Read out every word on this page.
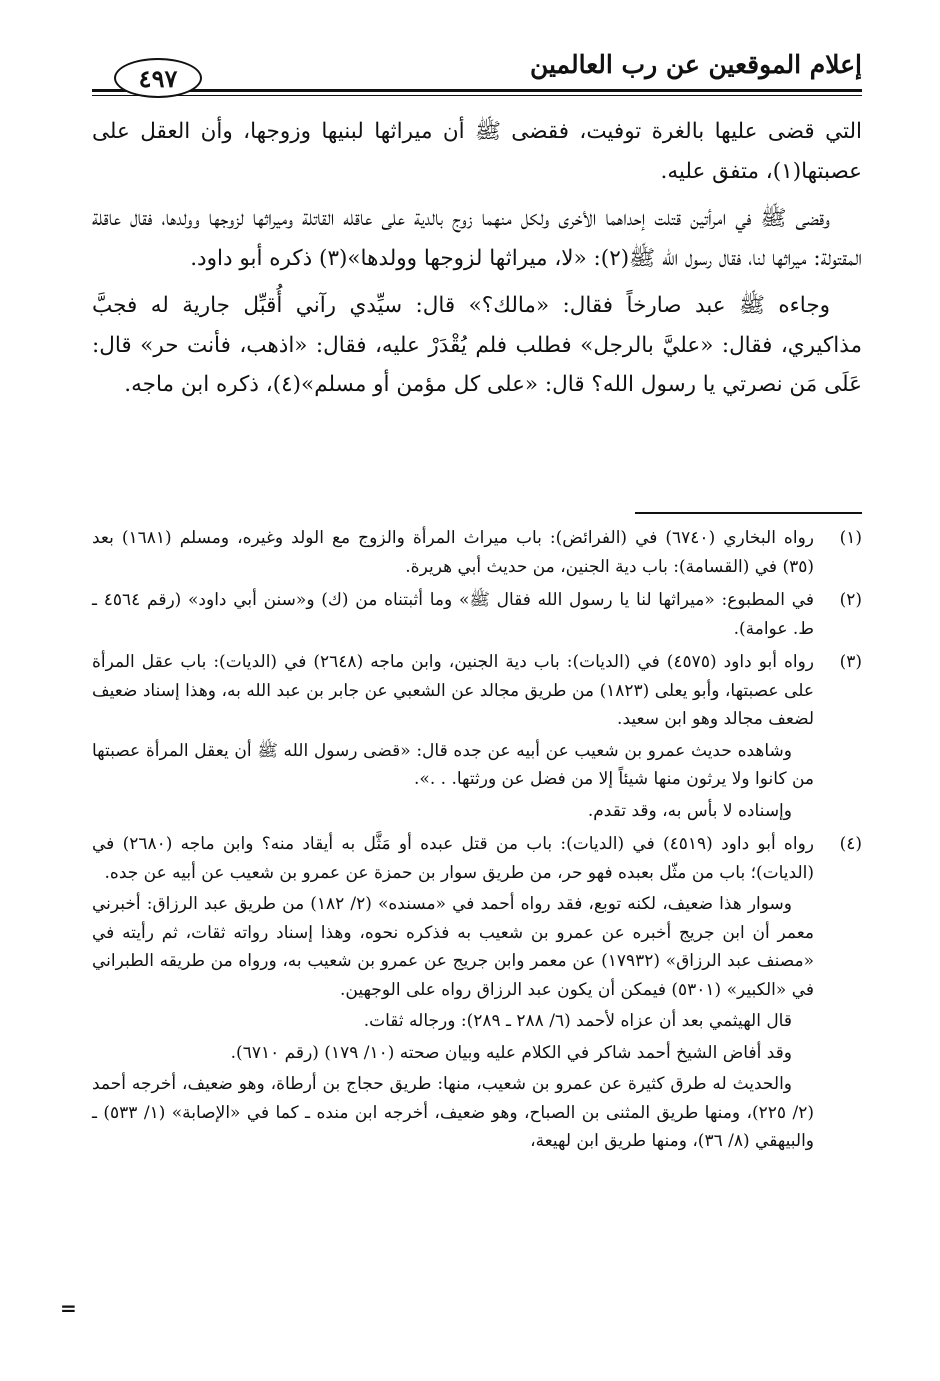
إعلام الموقعين عن رب العالمين
٤٩٧

التي قضى عليها بالغرة توفيت، فقضى ﷺ أن ميراثها لبنيها وزوجها، وأن العقل على عصبتها(١)، متفق عليه.

وقضى ﷺ في امرأتين قتلت إحداهما الأخرى ولكل منهما زوج بالدية على عاقله القاتلة وميراثها لزوجها وولدها، فقال عاقلة المقتولة: ميراثها لنا، فقال رسول الله ﷺ(٢): «لا، ميراثها لزوجها وولدها»(٣) ذكره أبو داود.

وجاءه ﷺ عبد صارخاً فقال: «مالك؟» قال: سيِّدي رآني أُقبِّل جارية له فجبَّ مذاكيري، فقال: «عليَّ بالرجل» فطلب فلم يُقْدَرْ عليه، فقال: «اذهب، فأنت حر» قال: عَلَى مَن نصرتي يا رسول الله؟ قال: «على كل مؤمن أو مسلم»(٤)، ذكره ابن ماجه.

(١)

رواه البخاري (٦٧٤٠) في (الفرائض): باب ميراث المرأة والزوج مع الولد وغيره، ومسلم (١٦٨١) بعد (٣٥) في (القسامة): باب دية الجنين، من حديث أبي هريرة.

(٢)

في المطبوع: «ميراثها لنا يا رسول الله فقال ﷺ» وما أثبتناه من (ك) و«سنن أبي داود» (رقم ٤٥٦٤ ـ ط. عوامة).

(٣)

رواه أبو داود (٤٥٧٥) في (الديات): باب دية الجنين، وابن ماجه (٢٦٤٨) في (الديات): باب عقل المرأة على عصبتها، وأبو يعلى (١٨٢٣) من طريق مجالد عن الشعبي عن جابر بن عبد الله به، وهذا إسناد ضعيف لضعف مجالد وهو ابن سعيد.

وشاهده حديث عمرو بن شعيب عن أبيه عن جده قال: «قضى رسول الله ﷺ أن يعقل المرأة عصبتها من كانوا ولا يرثون منها شيئاً إلا من فضل عن ورثتها. . .».

وإسناده لا بأس به، وقد تقدم.

(٤)

رواه أبو داود (٤٥١٩) في (الديات): باب من قتل عبده أو مَثَّل به أيقاد منه؟ وابن ماجه (٢٦٨٠) في (الديات)؛ باب من مثّل بعبده فهو حر، من طريق سوار بن حمزة عن عمرو بن شعيب عن أبيه عن جده.

وسوار هذا ضعيف، لكنه توبع، فقد رواه أحمد في «مسنده» (٢/ ١٨٢) من طريق عبد الرزاق: أخبرني معمر أن ابن جريج أخبره عن عمرو بن شعيب به فذكره نحوه، وهذا إسناد رواته ثقات، ثم رأيته في «مصنف عبد الرزاق» (١٧٩٣٢) عن معمر وابن جريج عن عمرو بن شعيب به، ورواه من طريقه الطبراني في «الكبير» (٥٣٠١) فيمكن أن يكون عبد الرزاق رواه على الوجهين.

قال الهيثمي بعد أن عزاه لأحمد (٦/ ٢٨٨ ـ ٢٨٩): ورجاله ثقات.

وقد أفاض الشيخ أحمد شاكر في الكلام عليه وبيان صحته (١٠/ ١٧٩) (رقم ٦٧١٠).

والحديث له طرق كثيرة عن عمرو بن شعيب، منها: طريق حجاج بن أرطاة، وهو ضعيف، أخرجه أحمد (٢/ ٢٢٥)، ومنها طريق المثنى بن الصباح، وهو ضعيف، أخرجه ابن منده ـ كما في «الإصابة» (١/ ٥٣٣) ـ والبيهقي (٨/ ٣٦)، ومنها طريق ابن لهيعة،

=
